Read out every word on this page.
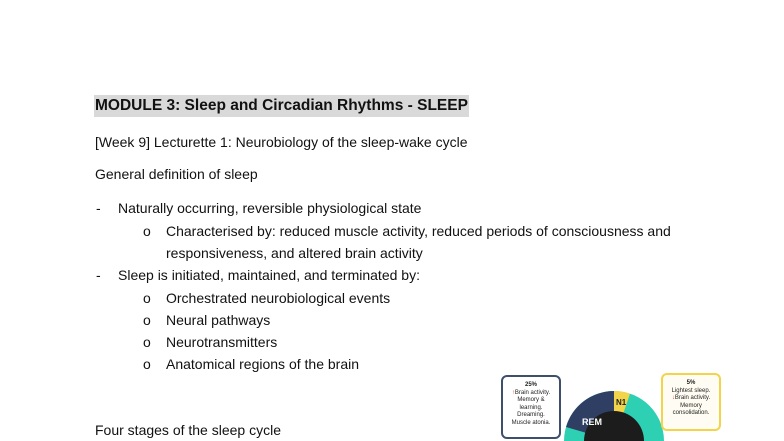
MODULE 3: Sleep and Circadian Rhythms - SLEEP
[Week 9] Lecturette 1: Neurobiology of the sleep-wake cycle
General definition of sleep
- Naturally occurring, reversible physiological state
o Characterised by: reduced muscle activity, reduced periods of consciousness and
responsiveness, and altered brain activity
- Sleep is initiated, maintained, and terminated by:
o Orchestrated neurobiological events
o Neural pathways
o Neurotransmitters
o Anatomical regions of the brain
Four stages of the sleep cycle	REM
N1
25%
↑Brain activity.
Memory &
learning.
Dreaming.
Muscle atonia.
5%
Lightest sleep.
↓Brain activity.
Memory
consolidation.
